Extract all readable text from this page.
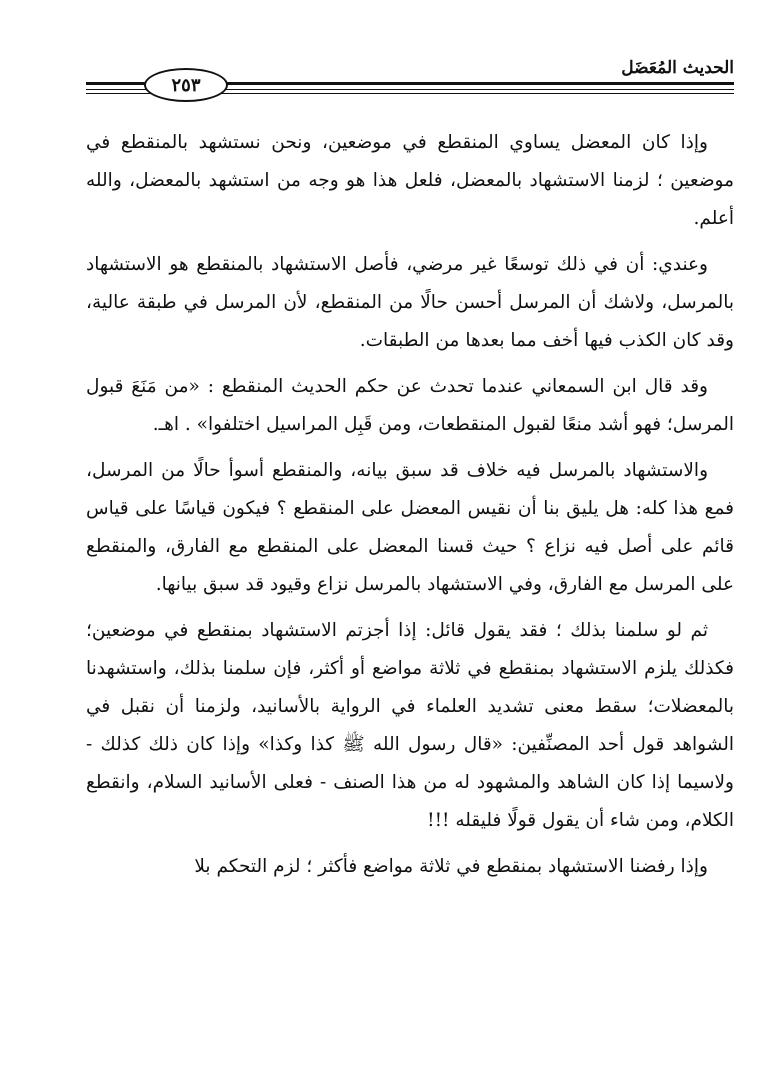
٢٥٣
الحديث المُعَضَل

وإذا كان المعضل يساوي المنقطع في موضعين، ونحن نستشهد بالمنقطع في موضعين ؛ لزمنا الاستشهاد بالمعضل، فلعل هذا هو وجه من استشهد بالمعضل، والله أعلم.

وعندي: أن في ذلك توسعًا غير مرضي، فأصل الاستشهاد بالمنقطع هو الاستشهاد بالمرسل، ولاشك أن المرسل أحسن حالًا من المنقطع، لأن المرسل في طبقة عالية، وقد كان الكذب فيها أخف مما بعدها من الطبقات.

وقد قال ابن السمعاني عندما تحدث عن حكم الحديث المنقطع : «من مَنَعَ قبول المرسل؛ فهو أشد منعًا لقبول المنقطعات، ومن قَبِل المراسيل اختلفوا» . اهـ.

والاستشهاد بالمرسل فيه خلاف قد سبق بيانه، والمنقطع أسوأ حالًا من المرسل، فمع هذا كله: هل يليق بنا أن نقيس المعضل على المنقطع ؟ فيكون قياسًا على قياس قائم على أصل فيه نزاع ؟ حيث قسنا المعضل على المنقطع مع الفارق، والمنقطع على المرسل مع الفارق، وفي الاستشهاد بالمرسل نزاع وقيود قد سبق بيانها.

ثم لو سلمنا بذلك ؛ فقد يقول قائل: إذا أجزتم الاستشهاد بمنقطع في موضعين؛ فكذلك يلزم الاستشهاد بمنقطع في ثلاثة مواضع أو أكثر، فإن سلمنا بذلك، واستشهدنا بالمعضلات؛ سقط معنى تشديد العلماء في الرواية بالأسانيد، ولزمنا أن نقبل في الشواهد قول أحد المصنِّفين: «قال رسول الله ﷺ كذا وكذا» وإذا كان ذلك كذلك - ولاسيما إذا كان الشاهد والمشهود له من هذا الصنف - فعلى الأسانيد السلام، وانقطع الكلام، ومن شاء أن يقول قولًا فليقله !!!

وإذا رفضنا الاستشهاد بمنقطع في ثلاثة مواضع فأكثر ؛ لزم التحكم بلا
